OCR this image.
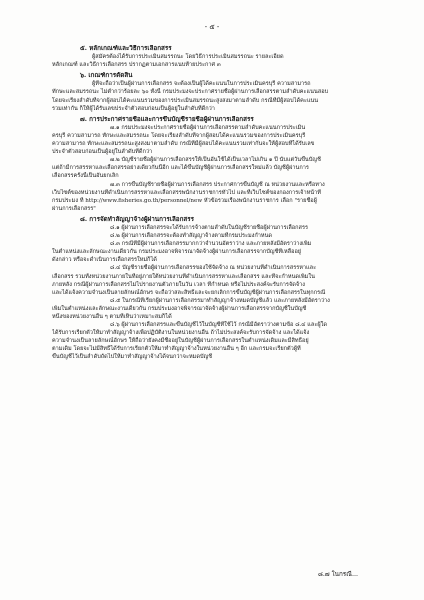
- ๕ -

๕. หลักเกณฑ์และวิธีการเลือกสรร

ผู้สมัครต้องได้รับการประเมินสมรรถนะ โดยวิธีการประเมินสมรรถนะ รายละเอียด

หลักเกณฑ์ และวิธีการเลือกสรร ปรากฏตามเอกสารแนบท้ายประกาศ ๓

๖. เกณฑ์การตัดสิน

ผู้ที่จะถือว่าเป็นผู้ผ่านการเลือกสรร จะต้องเป็นผู้ได้คะแนนในการประเมินครบุรี ความสามารถ

ทักษะและสมรรถนะ ไม่ต่ำกว่าร้อยละ ๖๐ ทั้งนี้ กรมประมงจะประกาศรายชื่อผู้ผ่านการเลือกสรรตามลำดับคะแนนสอบ

โดยจะเรียงลำดับที่จากผู้สอบได้คะแนนรวมของการประเมินสมรรถนะสูงสงมาตามลำดับ กรณีที่มีผู้สอบได้คะแนน

รวมเท่ากัน ก็ให้ผู้ได้รับเลขประจำตัวสอบก่อนเป็นผู้อยู่ในลำดับที่ดีกว่า

๗. การประกาศรายชื่อและการขึ้นบัญชีรายชื่อผู้ผ่านการเลือกสรร

๗.๑ กรมประมงจะประกาศรายชื่อผู้ผ่านการเลือกสรรตามลำดับคะแนนการประเมิน

ครบุรี ความสามารถ ทักษะและสมรรถนะ โดยจะเรียงลำดับที่จากผู้สอบได้คะแนนรวมของการประเมินครบุรี

ความสามารถ ทักษะและสมรรถนะสูงสงมาตามลำดับ กรณีที่มีผู้สอบได้คะแนนรวมเท่ากันจะให้ผู้สอบที่ได้รับเลข

ประจำตัวสอบก่อนเป็นผู้อยู่ในลำดับที่ดีกว่า

๗.๒ บัญชีรายชื่อผู้ผ่านการเลือกสรรให้เป็นอันใช้ได้เป็นเวลาไม่เกิน ๑ ปี นับแต่วันขึ้นบัญชี

แต่ถ้ามีการสรรหาและเลือกสรรอย่างเดียวกันนี้อีก และได้ขึ้นบัญชีผู้ผ่านการเลือกสรรใหม่แล้ว บัญชีผู้ผ่านการ

เลือกสรรครั้งนี้เป็นอันยกเลิก

๗.๓ การขึ้นบัญชีรายชื่อผู้ผ่านการเลือกสรร ประกาศการขึ้นบัญชี ณ หน่วยงานและหรือทาง

เว็บไซต์ของหน่วยงานที่ดำเนินการสรรหาและเลือกสรรพนักงานราชการทั่วไป และที่เว็บไซต์ของกองการเจ้าหน้าที่

กรมประมง ที่ http://www.fisheries.go.th/personnel/new หัวข้อรวมเรื่องพนักงานราชการ เลือก "รายชื่อผู้

ผ่านการเลือกสรร"

๘. การจัดทำสัญญาจ้างผู้ผ่านการเลือกสรร

๘.๑ ผู้ผ่านการเลือกสรรจะได้รับการจ้างตามลำดับในบัญชีรายชื่อผู้ผ่านการเลือกสรร

๘.๒ ผู้ผ่านการเลือกสรรจะต้องทำสัญญาจ้างตามที่กรมประมงกำหนด

๘.๓ กรณีที่มีผู้ผ่านการเลือกสรรมากกว่าจำนวนอัตราว่าง และภายหลังมีอัตราว่างเพิ่ม

ในตำแหน่งและลักษณะงานเดียวกัน กรมประมงอาจพิจารณาจัดจ้างผู้ผ่านการเลือกสรรจากบัญชีที่เหลืออยู่

ดังกล่าว หรือจะดำเนินการเลือกสรรใหม่ก็ได้

๘.๔ บัญชีรายชื่อผู้ผ่านการเลือกสรรของใช้จัดจ้าง ณ หน่วยงานที่ดำเนินการสรรหาและ

เลือกสรร รวมทั้งหน่วยงานภายในที่อยู่ภายใต้หน่วยงานที่ดำเนินการสรรหาและเลือกสรร และที่จะกำหนดเพิ่มใน

ภายหลัง กรณีผู้ผ่านการเลือกสรรไม่ไปรายงานตัวภายในวัน เวลา ที่กำหนด หรือไม่ประสงค์จะรับการจัดจ้าง

และได้แจ้งความจำนงเป็นลายลักษณ์อักษร จะถือว่าสละสิทธิ์และจะยกเลิกการขึ้นบัญชีผู้ผ่านการเลือกสรรในทุกกรณี

๘.๕ ในกรณีที่เรียกผู้ผ่านการเลือกสรรมาทำสัญญาจ้างหมดบัญชีแล้ว และภายหลังมีอัตราว่าง

เพิ่มในตำแหน่งและลักษณะงานเดียวกัน กรมประมงอาจพิจารณาจัดจ้างผู้ผ่านการเลือกสรรจากบัญชีในบัญชี

หนึ่งของหน่วยงานอื่น ๆ ตามที่เห็นว่าเหมาะสมก็ได้

๘.๖ ผู้ผ่านการเลือกสรรและขึ้นบัญชีไว้ในบัญชีที่ใช้ไว้ กรณีมีอัตราว่างตามข้อ ๘.๔ และผู้ใด

ได้รับการเรียกตัวให้มาทำสัญญาจ้างเพื่อปฏิบัติงานในหน่วยงานอื่น ถ้าไม่ประสงค์จะรับการจัดจ้าง และได้แจ้ง

ความจำนงเป็นลายลักษณ์อักษร ให้ถือว่ายังคงมีชื่ออยู่ในบัญชีผู้ผ่านการเลือกสรรในตำแหน่งเดิมและมีสิทธิ์อยู่

ตามเดิม โดยจะไม่มีสิทธิ์ได้รับการเรียกตัวให้มาทำสัญญาจ้างในหน่วยงานอื่น ๆ อีก และกรมจะเรียกตัวผู้ที่

ขึ้นบัญชีไว้เป็นลำดับถัดไปให้มาทำสัญญาจ้างได้จนกว่าจะหมดบัญชี

๘.๗ ในกรณี...
